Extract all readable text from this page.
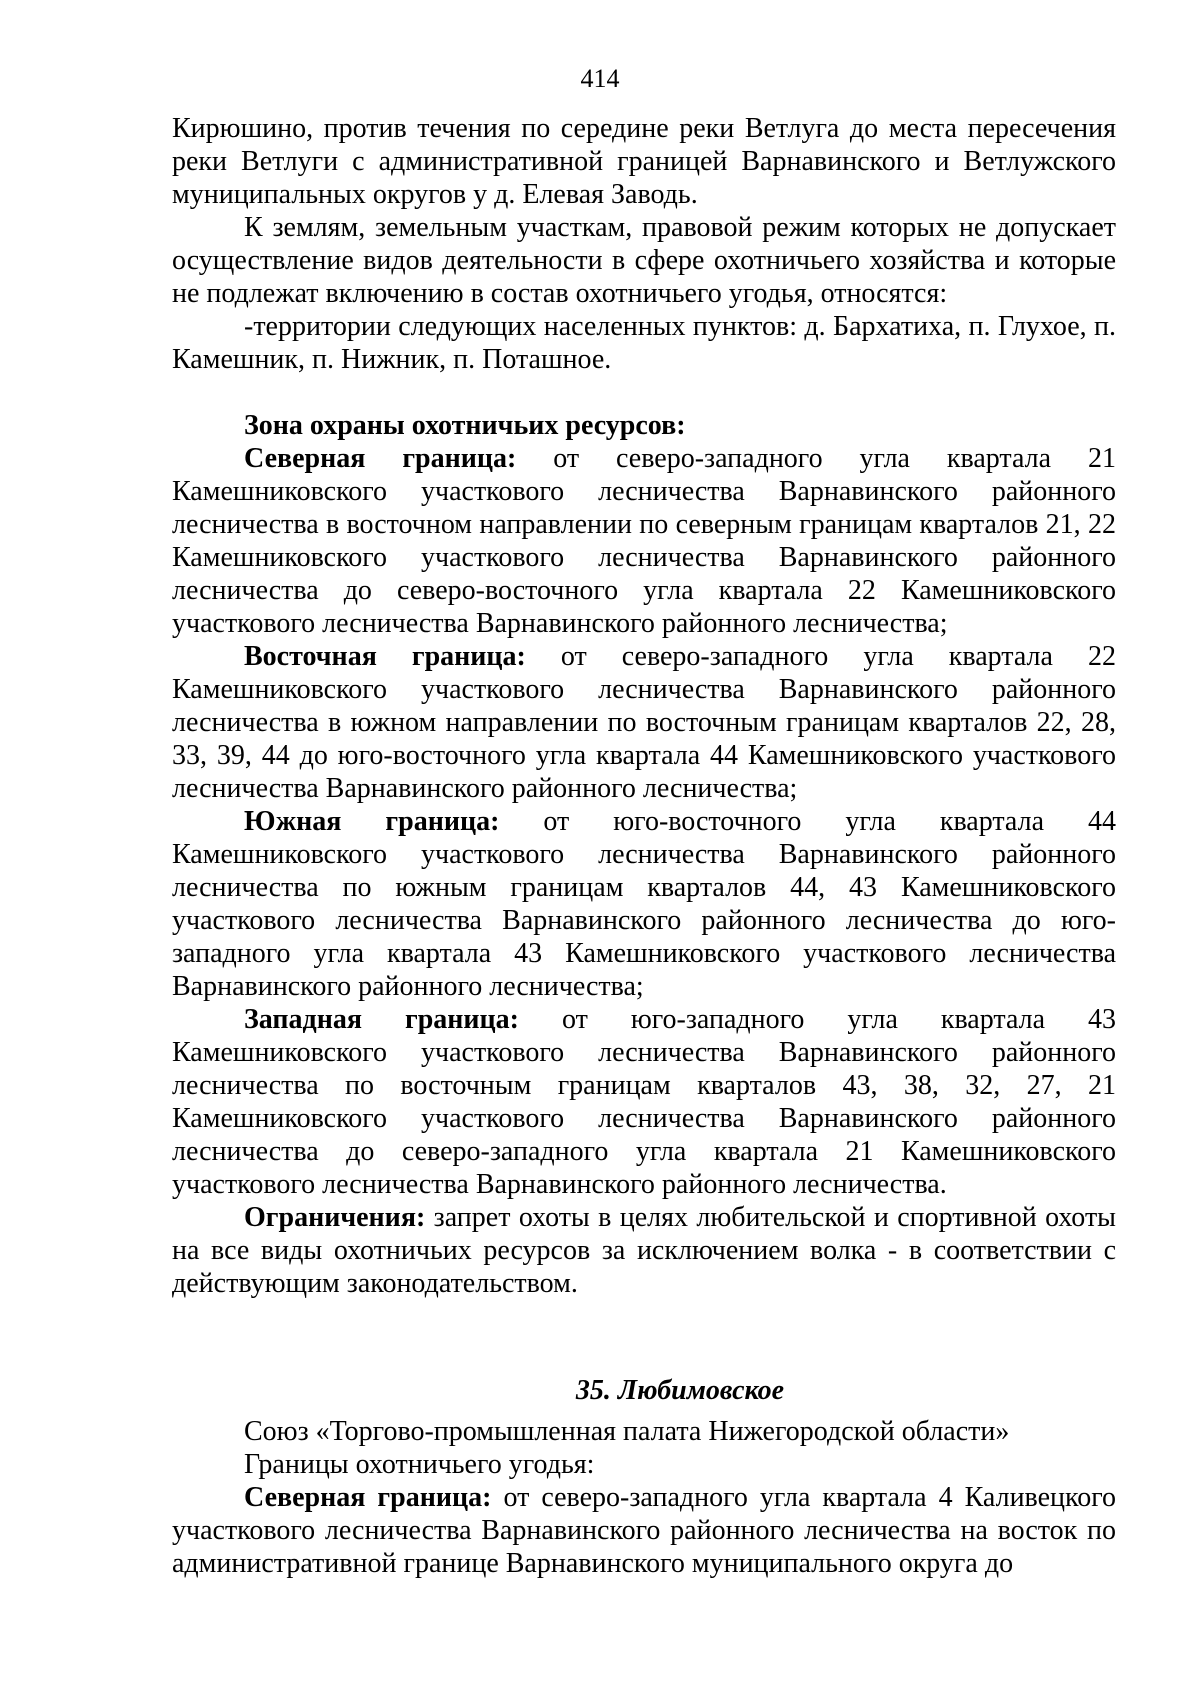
414

Кирюшино, против течения по середине реки Ветлуга до места пересечения реки Ветлуги с административной границей Варнавинского и Ветлужского муниципальных округов у д. Елевая Заводь.

К землям, земельным участкам, правовой режим которых не допускает осуществление видов деятельности в сфере охотничьего хозяйства и которые не подлежат включению в состав охотничьего угодья, относятся:

-территории следующих населенных пунктов: д. Бархатиха, п. Глухое, п. Камешник, п. Нижник, п. Поташное.

Зона охраны охотничьих ресурсов:

Северная граница: от северо-западного угла квартала 21 Камешниковского участкового лесничества Варнавинского районного лесничества в восточном направлении по северным границам кварталов 21, 22 Камешниковского участкового лесничества Варнавинского районного лесничества до северо-восточного угла квартала 22 Камешниковского участкового лесничества Варнавинского районного лесничества;

Восточная граница: от северо-западного угла квартала 22 Камешниковского участкового лесничества Варнавинского районного лесничества в южном направлении по восточным границам кварталов 22, 28, 33, 39, 44 до юго-восточного угла квартала 44 Камешниковского участкового лесничества Варнавинского районного лесничества;

Южная граница: от юго-восточного угла квартала 44 Камешниковского участкового лесничества Варнавинского районного лесничества по южным границам кварталов 44, 43 Камешниковского участкового лесничества Варнавинского районного лесничества до юго-западного угла квартала 43 Камешниковского участкового лесничества Варнавинского районного лесничества;

Западная граница: от юго-западного угла квартала 43 Камешниковского участкового лесничества Варнавинского районного лесничества по восточным границам кварталов 43, 38, 32, 27, 21 Камешниковского участкового лесничества Варнавинского районного лесничества до северо-западного угла квартала 21 Камешниковского участкового лесничества Варнавинского районного лесничества.

Ограничения: запрет охоты в целях любительской и спортивной охоты на все виды охотничьих ресурсов за исключением волка - в соответствии с действующим законодательством.

35. Любимовское

Союз «Торгово-промышленная палата Нижегородской области»

Границы охотничьего угодья:

Северная граница: от северо-западного угла квартала 4 Каливецкого участкового лесничества Варнавинского районного лесничества на восток по административной границе Варнавинского муниципального округа до
